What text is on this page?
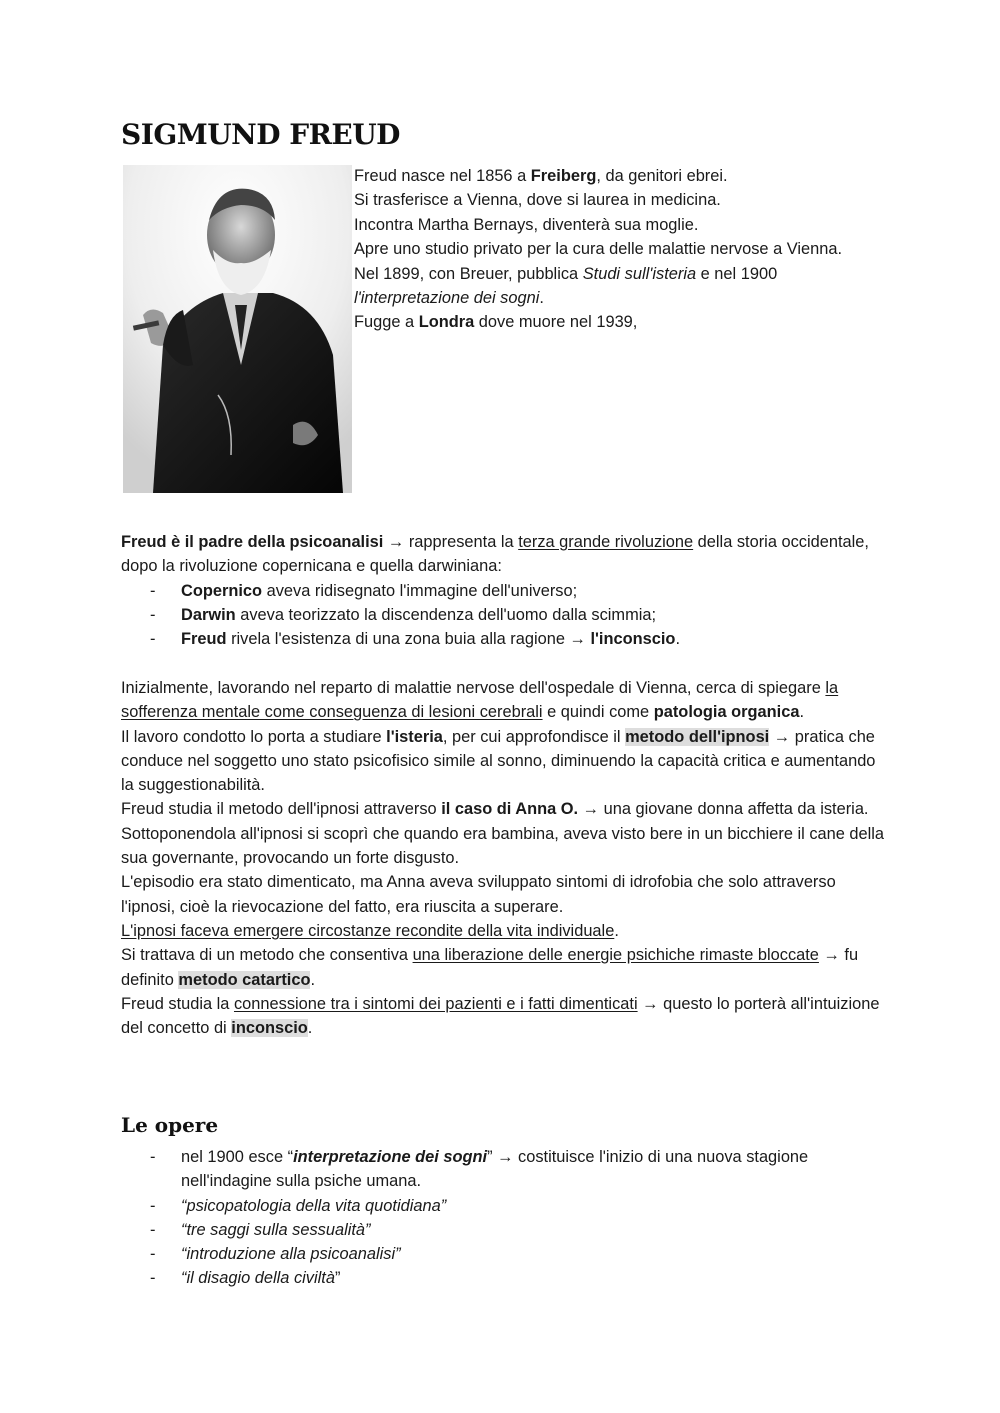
SIGMUND FREUD

Freud nasce nel 1856 a Freiberg, da genitori ebrei.

Si trasferisce a Vienna, dove si laurea in medicina.

Incontra Martha Bernays, diventerà sua moglie.

Apre uno studio privato per la cura delle malattie nervose a Vienna.

Nel 1899, con Breuer, pubblica Studi sull'isteria e nel 1900 l'interpretazione dei sogni.

Fugge a Londra dove muore nel 1939,

Freud è il padre della psicoanalisi → rappresenta la terza grande rivoluzione della storia occidentale, dopo la rivoluzione copernicana e quella darwiniana:

- Copernico aveva ridisegnato l'immagine dell'universo;
- Darwin aveva teorizzato la discendenza dell'uomo dalla scimmia;
- Freud rivela l'esistenza di una zona buia alla ragione → l'inconscio.

Inizialmente, lavorando nel reparto di malattie nervose dell'ospedale di Vienna, cerca di spiegare la sofferenza mentale come conseguenza di lesioni cerebrali e quindi come patologia organica.

Il lavoro condotto lo porta a studiare l'isteria, per cui approfondisce il metodo dell'ipnosi → pratica che conduce nel soggetto uno stato psicofisico simile al sonno, diminuendo la capacità critica e aumentando la suggestionabilità.

Freud studia il metodo dell'ipnosi attraverso il caso di Anna O. → una giovane donna affetta da isteria.

Sottoponendola all'ipnosi si scoprì che quando era bambina, aveva visto bere in un bicchiere il cane della sua governante, provocando un forte disgusto.

L'episodio era stato dimenticato, ma Anna aveva sviluppato sintomi di idrofobia che solo attraverso l'ipnosi, cioè la rievocazione del fatto, era riuscita a superare.

L'ipnosi faceva emergere circostanze recondite della vita individuale.

Si trattava di un metodo che consentiva una liberazione delle energie psichiche rimaste bloccate → fu definito metodo catartico.

Freud studia la connessione tra i sintomi dei pazienti e i fatti dimenticati → questo lo porterà all'intuizione del concetto di inconscio.

Le opere
- nel 1900 esce “interpretazione dei sogni” → costituisce l'inizio di una nuova stagione nell'indagine sulla psiche umana.
- “psicopatologia della vita quotidiana”
- “tre saggi sulla sessualità”
- “introduzione alla psicoanalisi”
- “il disagio della civiltà”
